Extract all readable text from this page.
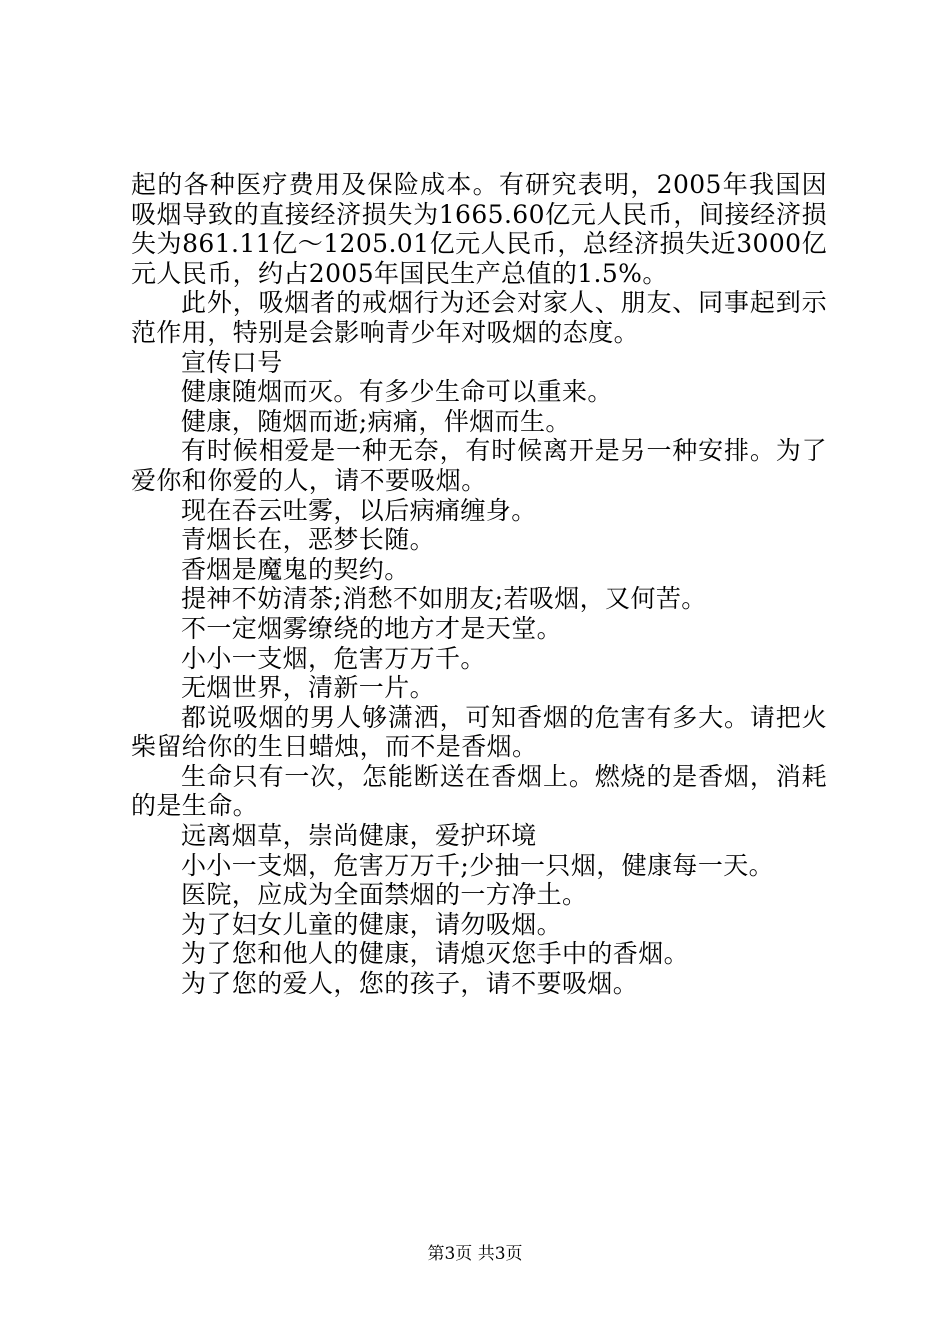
起的各种医疗费用及保险成本。有研究表明，2005年我国因吸烟导致的直接经济损失为1665.60亿元人民币，间接经济损失为861.11亿～1205.01亿元人民币，总经济损失近3000亿元人民币，约占2005年国民生产总值的1.5%。

此外，吸烟者的戒烟行为还会对家人、朋友、同事起到示范作用，特别是会影响青少年对吸烟的态度。

宣传口号

健康随烟而灭。有多少生命可以重来。

健康，随烟而逝;病痛，伴烟而生。

有时候相爱是一种无奈，有时候离开是另一种安排。为了爱你和你爱的人，请不要吸烟。

现在吞云吐雾，以后病痛缠身。

青烟长在，恶梦长随。

香烟是魔鬼的契约。

提神不妨清茶;消愁不如朋友;若吸烟，又何苦。

不一定烟雾缭绕的地方才是天堂。

小小一支烟，危害万万千。

无烟世界，清新一片。

都说吸烟的男人够潇洒，可知香烟的危害有多大。请把火柴留给你的生日蜡烛，而不是香烟。

生命只有一次，怎能断送在香烟上。燃烧的是香烟，消耗的是生命。

远离烟草，崇尚健康，爱护环境

小小一支烟，危害万万千;少抽一只烟，健康每一天。

医院，应成为全面禁烟的一方净土。

为了妇女儿童的健康，请勿吸烟。

为了您和他人的健康，请熄灭您手中的香烟。

为了您的爱人，您的孩子，请不要吸烟。

第3页 共3页
